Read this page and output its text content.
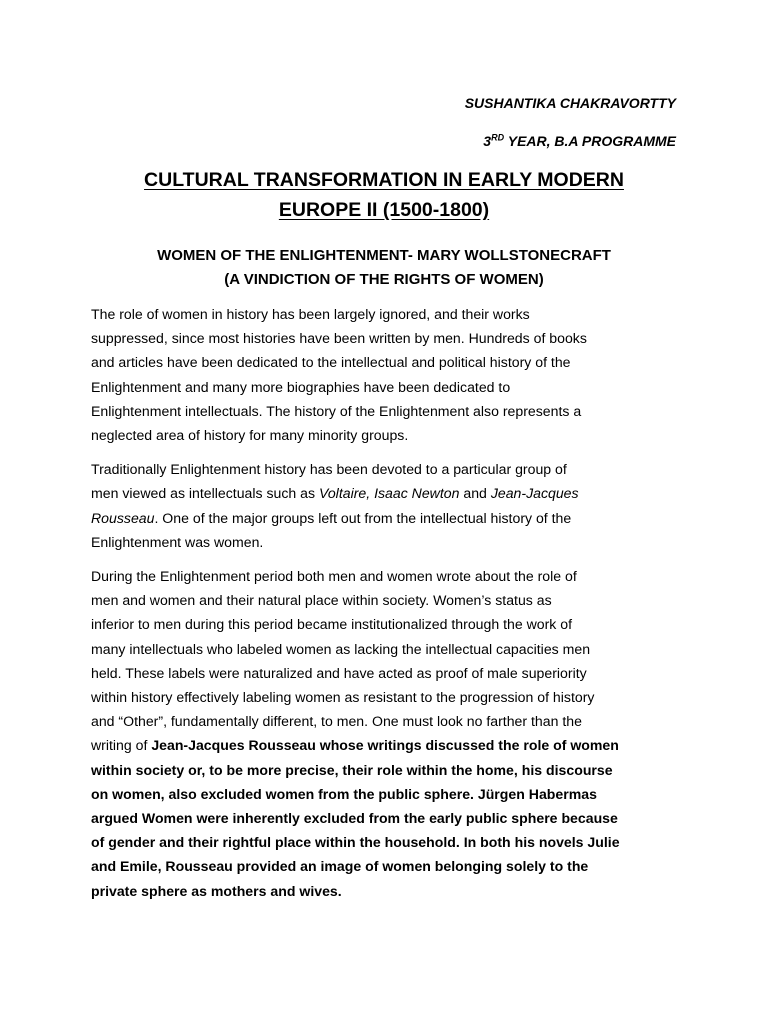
SUSHANTIKA CHAKRAVORTTY
3RD YEAR, B.A PROGRAMME
CULTURAL TRANSFORMATION IN EARLY MODERN
EUROPE II (1500-1800)
WOMEN OF THE ENLIGHTENMENT- MARY WOLLSTONECRAFT
(A VINDICTION OF THE RIGHTS OF WOMEN)

The role of women in history has been largely ignored, and their works
suppressed, since most histories have been written by men. Hundreds of books
and articles have been dedicated to the intellectual and political history of the
Enlightenment and many more biographies have been dedicated to
Enlightenment intellectuals. The history of the Enlightenment also represents a
neglected area of history for many minority groups.

Traditionally Enlightenment history has been devoted to a particular group of
men viewed as intellectuals such as Voltaire, Isaac Newton and Jean-Jacques
Rousseau. One of the major groups left out from the intellectual history of the
Enlightenment was women.

During the Enlightenment period both men and women wrote about the role of
men and women and their natural place within society. Women’s status as
inferior to men during this period became institutionalized through the work of
many intellectuals who labeled women as lacking the intellectual capacities men
held. These labels were naturalized and have acted as proof of male superiority
within history effectively labeling women as resistant to the progression of history
and “Other”, fundamentally different, to men. One must look no farther than the
writing of Jean-Jacques Rousseau whose writings discussed the role of women
within society or, to be more precise, their role within the home, his discourse
on women, also excluded women from the public sphere. Jürgen Habermas
argued Women were inherently excluded from the early public sphere because
of gender and their rightful place within the household. In both his novels Julie
and Emile, Rousseau provided an image of women belonging solely to the
private sphere as mothers and wives.
